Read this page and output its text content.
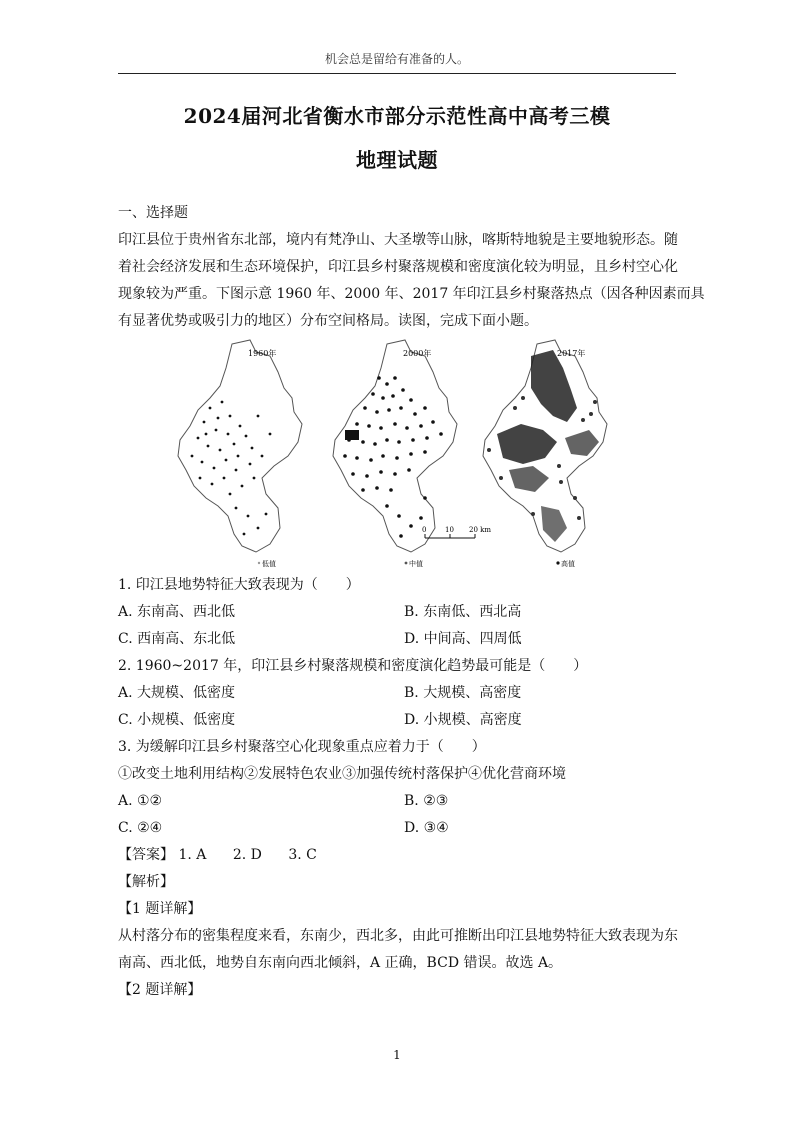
机会总是留给有准备的人。
2024届河北省衡水市部分示范性高中高考三模
地理试题
一、选择题
印江县位于贵州省东北部，境内有梵净山、大圣墩等山脉，喀斯特地貌是主要地貌形态。随
着社会经济发展和生态环境保护，印江县乡村聚落规模和密度演化较为明显，且乡村空心化
现象较为严重。下图示意 1960 年、2000 年、2017 年印江县乡村聚落热点（因各种因素而具
有显著优势或吸引力的地区）分布空间格局。读图，完成下面小题。
1960年
低值
2000年
中值
0	10 20 km
2017年
高值
1. 印江县地势特征大致表现为（　　）
A. 东南高、西北低	B. 东南低、西北高
C. 西南高、东北低	D. 中间高、四周低
2. 1960~2017 年，印江县乡村聚落规模和密度演化趋势最可能是（　　）
A. 大规模、低密度	B. 大规模、高密度
C. 小规模、低密度	D. 小规模、高密度
3. 为缓解印江县乡村聚落空心化现象重点应着力于（　　）
①改变土地利用结构②发展特色农业③加强传统村落保护④优化营商环境
A. ①②	B. ②③
C. ②④	D. ③④
【答案】 1. A 2. D 3. C
【解析】
【1 题详解】
从村落分布的密集程度来看，东南少，西北多，由此可推断出印江县地势特征大致表现为东
南高、西北低，地势自东南向西北倾斜，A 正确，BCD 错误。故选 A。
【2 题详解】
1
